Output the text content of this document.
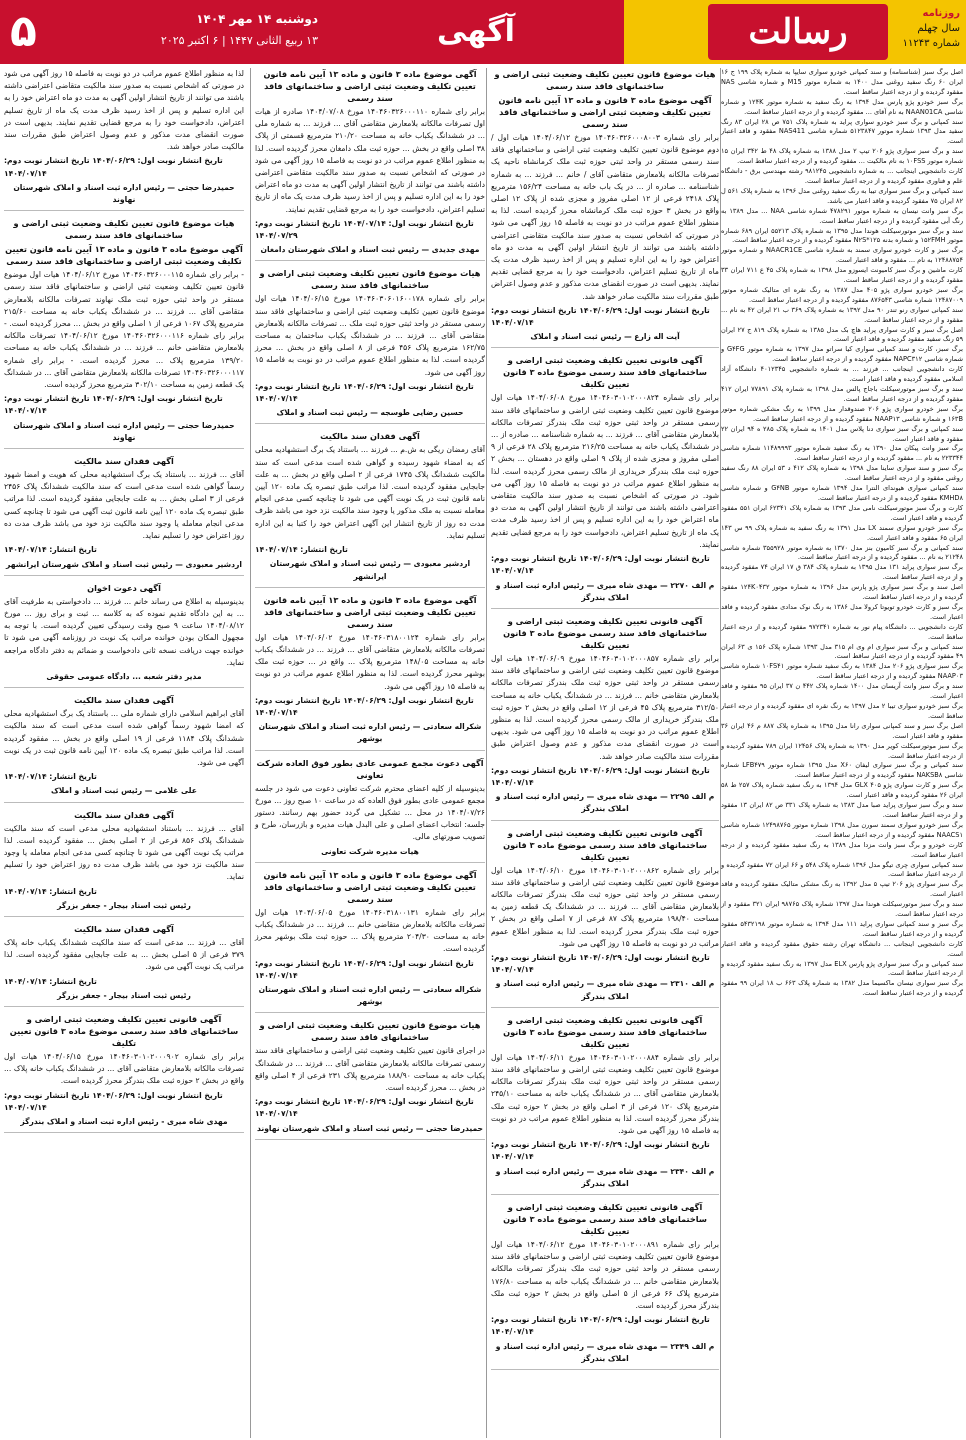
۵	دوشنبه ۱۴ مهر ۱۴۰۴
۱۳ ربیع الثانی ۱۴۴۷ | ۶ اکتبر ۲۰۲۵	آگهی	رسالت	روزنامه
سال چهلم
شماره ۱۱۲۴۳

اصل برگ سبز (شناسنامه) و سند کمپانی خودرو سواری سایپا به شماره پلاک ۱۹۹ ج ۱۶ ایران ۶۰ رنگ سفید روغنی مدل ۱۴۰۰ به شماره موتور M15 و شماره شاسی NAS مفقود گردیده و از درجه اعتبار ساقط است.

برگ سبز خودرو پژو پارس مدل ۱۳۹۴ به رنگ سفید به شماره موتور ۱۲۴K و شماره شاسی NAAN01CA به نام آقای ... مفقود گردیده و از درجه اعتبار ساقط است.

سند کمپانی و برگ سبز خودرو سواری پراید به شماره پلاک ۷۵۱ ص ۲۸ ایران ۸۳ رنگ سفید مدل ۱۳۹۳ شماره موتور ۵۱۲۳۸۴۷ شماره شاسی NAS411 مفقود و فاقد اعتبار است.

سند و برگ سبز سواری پژو ۲۰۶ تیپ ۲ مدل ۱۳۸۸ به شماره پلاک ۴۸ ط ۳۴۲ ایران ۱۵ شماره موتور ۱۰FSS به نام مالکیت ... مفقود گردیده و از درجه اعتبار ساقط است.

کارت دانشجویی اینجانب ... به شماره دانشجویی ۹۸۱۲۴۵ رشته مهندسی برق - دانشگاه علم و فناوری مفقود گردیده و از درجه اعتبار ساقط است.

سند کمپانی و برگ سبز سواری تیبا به رنگ سفید روغنی مدل ۱۳۹۶ به شماره پلاک ۵۶۱ ل ۸۲ ایران ۷۵ مفقود گردیده و فاقد اعتبار می باشد.

برگ سبز وانت نیسان به شماره موتور ۴۷۸۲۹۱ شماره شاسی NAA ... مدل ۱۳۸۹ به رنگ آبی مفقود گردیده و از درجه اعتبار ساقط است.

سند و برگ سبز موتورسیکلت هوندا مدل ۱۳۹۵ به شماره پلاک ۵۵۲۱۳ ایران ۶۸۹ شماره موتور ۱۵۲FMH و شماره بدنه N۲S*۱۲۵ مفقود گردیده و از درجه اعتبار ساقط است.

برگ سبز و کارت خودرو سواری سمند به شماره شاسی NAACR1CE و شماره موتور ۱۲۴۸۸۷۵۴ به نام ... مفقود و فاقد اعتبار است.

کارت ماشین و برگ سبز کامیونت ایسوزو مدل ۱۳۹۸ به شماره پلاک ۴۵ ع ۷۱۱ ایران ۳۳ مفقود گردیده و از درجه اعتبار ساقط است.

برگ سبز خودرو سواری پژو ۴۰۵ مدل ۱۳۸۷ به رنگ نقره ای متالیک شماره موتور ۱۲۴۸۷۰۰۹ شماره شاسی ۸۷۶۵۴۳ مفقود گردیده و از درجه اعتبار ساقط است.

سند کمپانی سواری رنو تندر ۹۰ مدل ۱۳۹۲ به شماره پلاک ۳۶۹ ب ۲۱ ایران ۴۲ به نام ... مفقود و از درجه اعتبار ساقط است.

اصل برگ سبز و کارت سواری پراید هاچ بک مدل ۱۳۸۵ به شماره پلاک ۸۱۹ ج ۲۷ ایران ۵۹ رنگ سفید مفقود گردیده و فاقد اعتبار است.

برگ سبز، کارت و سند کمپانی سواری کیا سراتو مدل ۱۳۹۷ به شماره موتور G۴FG و شماره شاسی NAPC۳۱۲ مفقود گردیده و از درجه اعتبار ساقط است.

کارت دانشجویی اینجانب ... فرزند ... به شماره دانشجویی ۴۰۱۲۳۴۵ دانشگاه آزاد اسلامی مفقود گردیده و فاقد اعتبار است.

سند و برگ سبز موتورسیکلت باجاج پالس مدل ۱۳۹۸ به شماره پلاک ۷۷۸۹۱ ایران ۴۱۲ مفقود گردیده و از درجه اعتبار ساقط است.

برگ سبز خودرو سواری پژو ۲۰۶ صندوقدار مدل ۱۳۹۹ به رنگ مشکی شماره موتور ۱۶۳B و شماره شاسی NAAP۱۳ مفقود گردیده و از درجه اعتبار ساقط است.

سند کمپانی و برگ سبز سواری دنا پلاس مدل ۱۴۰۱ به شماره پلاک ۲۸۵ ه ۹۴ ایران ۲۲ مفقود و فاقد اعتبار است.

برگ سبز وانت پیکان مدل ۱۳۹۰ به رنگ سفید شماره موتور ۱۱۴۸۹۹۹۳ شماره شاسی ۲۲۳۳۴۴ به نام ... مفقود گردیده و از درجه اعتبار ساقط است.

برگ سبز و سند سواری ساینا مدل ۱۳۹۸ به شماره پلاک ۴۱۲ د ۵۳ ایران ۸۸ رنگ سفید روغنی مفقود و از درجه اعتبار ساقط است.

سند کمپانی سواری هیوندای النترا مدل ۱۳۹۴ شماره موتور G۴NB و شماره شاسی KMHD۸ مفقود گردیده و از درجه اعتبار ساقط است.

کارت و برگ سبز موتورسیکلت نامی مدل ۱۳۹۳ به شماره پلاک ۶۲۳۴۱ ایران ۵۵۱ مفقود گردیده و فاقد اعتبار است.

برگ سبز خودرو سواری سمند LX مدل ۱۳۹۱ به رنگ سفید به شماره پلاک ۹۹ س ۱۴۳ ایران ۶۵ مفقود و فاقد اعتبار است.

سند کمپانی و برگ سبز کامیون بنز مدل ۱۳۷۰ به شماره موتور ۳۵۵۹۲۸ شماره شاسی ۲۱۲۴۸ به نام ... مفقود گردیده و از درجه اعتبار ساقط است.

برگ سبز سواری پراید ۱۳۱ مدل ۱۳۹۵ به شماره پلاک ۳۸۴ ق ۱۷ ایران ۷۴ مفقود گردیده و از درجه اعتبار ساقط است.

اصل سند و برگ سبز سواری پژو پارس مدل ۱۳۹۶ به شماره موتور ۱۲۴K۰۴۳۲ مفقود گردیده و از درجه اعتبار ساقط است.

برگ سبز و کارت خودرو تویوتا کرولا مدل ۱۳۸۶ به رنگ نوک مدادی مفقود گردیده و فاقد اعتبار است.

کارت دانشجویی ... دانشگاه پیام نور به شماره ۹۷۲۳۴۱ مفقود گردیده و از درجه اعتبار ساقط است.

سند کمپانی و برگ سبز سواری ام وی ام ۳۱۵ مدل ۱۳۹۳ شماره پلاک ۱۵۶ ی ۶۳ ایران ۴۹ مفقود گردیده و از درجه اعتبار ساقط است.

برگ سبز سواری پژو ۲۰۶ مدل ۱۳۸۴ به رنگ سفید شماره موتور ۱۰FS۴۱ شماره شاسی NAAP۰۳ مفقود گردیده و از درجه اعتبار ساقط است.

سند و برگ سبز وانت آریسان مدل ۱۴۰۰ شماره پلاک ۴۴۲ ن ۳۷ ایران ۹۵ مفقود و فاقد اعتبار است.

برگ سبز خودرو سواری تیبا ۲ مدل ۱۳۹۷ به رنگ نقره ای مفقود گردیده و از درجه اعتبار ساقط است.

اصل برگ سبز و سند کمپانی سواری رانا مدل ۱۳۹۵ به شماره پلاک ۸۸۷ م ۴۶ ایران ۳۶ مفقود و فاقد اعتبار است.

برگ سبز موتورسیکلت کویر مدل ۱۳۹۰ به شماره پلاک ۱۲۴۵۶ ایران ۷۸۹ مفقود گردیده و از درجه اعتبار ساقط است.

سند کمپانی و برگ سبز سواری لیفان X۶۰ مدل ۱۳۹۵ شماره موتور LFB۴۷۹ شماره شاسی NAKSB۸ مفقود گردیده و از درجه اعتبار ساقط است.

برگ سبز و کارت سواری پژو ۴۰۵ GLX مدل ۱۳۹۴ به رنگ سفید شماره پلاک ۲۵۷ ط ۵۸ ایران ۲۶ مفقود گردیده و فاقد اعتبار است.

سند و برگ سبز سواری پراید صبا مدل ۱۳۸۳ به شماره پلاک ۳۳۱ ص ۸۲ ایران ۱۳ مفقود و از درجه اعتبار ساقط است.

برگ سبز خودرو سواری سمند سورن مدل ۱۳۹۸ شماره موتور ۱۲۴۹۸۷۶۵ شماره شاسی NAACS۱ مفقود گردیده و از درجه اعتبار ساقط است.

کارت خودرو و برگ سبز وانت مزدا مدل ۱۳۸۹ به رنگ سفید مفقود گردیده و از درجه اعتبار ساقط است.

سند کمپانی سواری چری تیگو مدل ۱۳۹۶ شماره پلاک ۵۴۸ و ۶۶ ایران ۷۲ مفقود گردیده و از درجه اعتبار ساقط است.

برگ سبز سواری پژو ۲۰۶ تیپ ۵ مدل ۱۳۹۲ به رنگ مشکی متالیک مفقود گردیده و فاقد اعتبار است.

سند و برگ سبز موتورسیکلت هوندا مدل ۱۳۹۷ شماره پلاک ۹۸۷۶۵ ایران ۳۲۱ مفقود و از درجه اعتبار ساقط است.

برگ سبز و سند کمپانی سواری پراید ۱۱۱ مدل ۱۳۹۴ به شماره موتور ۵۴۳۲۱۹۸ مفقود گردیده و از درجه اعتبار ساقط است.

کارت دانشجویی اینجانب ... دانشگاه تهران رشته حقوق مفقود گردیده و فاقد اعتبار است.

سند کمپانی و برگ سبز سواری پژو پارس ELX مدل ۱۳۹۷ به رنگ سفید مفقود گردیده و از درجه اعتبار ساقط است.

برگ سبز سواری نیسان ماکسیما مدل ۱۳۸۲ به شماره پلاک ۶۶۳ ب ۱۸ ایران ۹۹ مفقود گردیده و از درجه اعتبار ساقط است.

هیات موضوع قانون تعیین تکلیف وضعیت ثبتی اراضی و ساختمانهای فاقد سند رسمی
آگهی موضوع ماده ۳ قانون و ماده ۱۳ آیین نامه قانون تعیین تکلیف وضعیت ثبتی اراضی و ساختمانهای فاقد سند رسمی

برابر رای شماره ۱۴۰۴۶۰۳۲۶۰۰۰۸۰۰۳ مورخ ۱۴۰۴/۰۶/۱۲ هیات اول / دوم موضوع قانون تعیین تکلیف وضعیت ثبتی اراضی و ساختمانهای فاقد سند رسمی مستقر در واحد ثبتی حوزه ثبت ملک کرمانشاه ناحیه یک تصرفات مالکانه بلامعارض متقاضی آقای / خانم ... فرزند ... به شماره شناسنامه ... صادره از ... در یک باب خانه به مساحت ۱۵۶/۲۴ مترمربع پلاک ۲۴۱۸ فرعی از ۱۲ اصلی مفروز و مجزی شده از پلاک ۱۲ اصلی واقع در بخش ۳ حوزه ثبت ملک کرمانشاه محرز گردیده است. لذا به منظور اطلاع عموم مراتب در دو نوبت به فاصله ۱۵ روز آگهی می شود در صورتی که اشخاص نسبت به صدور سند مالکیت متقاضی اعتراضی داشته باشند می توانند از تاریخ انتشار اولین آگهی به مدت دو ماه اعتراض خود را به این اداره تسلیم و پس از اخذ رسید ظرف مدت یک ماه از تاریخ تسلیم اعتراض، دادخواست خود را به مرجع قضایی تقدیم نمایند. بدیهی است در صورت انقضای مدت مذکور و عدم وصول اعتراض طبق مقررات سند مالکیت صادر خواهد شد.

تاریخ انتشار نوبت اول: ۱۴۰۴/۰۶/۲۹ تاریخ انتشار نوبت دوم: ۱۴۰۴/۰۷/۱۴

آیت اله زارع — رئیس ثبت اسناد و املاک

آگهی قانونی تعیین تکلیف وضعیت ثبتی اراضی و ساختمانهای فاقد سند رسمی موضوع ماده ۳ قانون تعیین تکلیف

برابر رای شماره ۱۴۰۴۶۰۳۰۱۰۲۰۰۰۸۲۴ مورخ ۱۴۰۴/۰۶/۰۸ هیات اول موضوع قانون تعیین تکلیف وضعیت ثبتی اراضی و ساختمانهای فاقد سند رسمی مستقر در واحد ثبتی حوزه ثبت ملک بندرگز تصرفات مالکانه بلامعارض متقاضی آقای ... فرزند ... به شماره شناسنامه ... صادره از ... در ششدانگ یکباب خانه به مساحت ۲۱۶/۲۵ مترمربع پلاک ۲۸ فرعی از ۹ اصلی مفروز و مجزی شده از پلاک ۹ اصلی واقع در دهستان ... بخش ۲ حوزه ثبت ملک بندرگز خریداری از مالک رسمی محرز گردیده است. لذا به منظور اطلاع عموم مراتب در دو نوبت به فاصله ۱۵ روز آگهی می شود. در صورتی که اشخاص نسبت به صدور سند مالکیت متقاضی اعتراضی داشته باشند می توانند از تاریخ انتشار اولین آگهی به مدت دو ماه اعتراض خود را به این اداره تسلیم و پس از اخذ رسید ظرف مدت یک ماه از تاریخ تسلیم اعتراض، دادخواست خود را به مرجع قضایی تقدیم نمایند.

تاریخ انتشار نوبت اول: ۱۴۰۴/۰۶/۲۹ تاریخ انتشار نوبت دوم: ۱۴۰۴/۰۷/۱۴

م الف ۲۲۷۰ — مهدی شاه میری — رئیس اداره ثبت اسناد و املاک بندرگز

آگهی قانونی تعیین تکلیف وضعیت ثبتی اراضی و ساختمانهای فاقد سند رسمی موضوع ماده ۳ قانون تعیین تکلیف

برابر رای شماره ۱۴۰۴۶۰۳۰۱۰۲۰۰۰۸۵۷ مورخ ۱۴۰۴/۰۶/۰۹ هیات اول موضوع قانون تعیین تکلیف وضعیت ثبتی اراضی و ساختمانهای فاقد سند رسمی مستقر در واحد ثبتی حوزه ثبت ملک بندرگز تصرفات مالکانه بلامعارض متقاضی خانم ... فرزند ... در ششدانگ یکباب خانه به مساحت ۳۱۲/۵۰ مترمربع پلاک ۴۵ فرعی از ۱۲ اصلی واقع در بخش ۲ حوزه ثبت ملک بندرگز خریداری از مالک رسمی محرز گردیده است. لذا به منظور اطلاع عموم مراتب در دو نوبت به فاصله ۱۵ روز آگهی می شود. بدیهی است در صورت انقضای مدت مذکور و عدم وصول اعتراض طبق مقررات سند مالکیت صادر خواهد شد.

تاریخ انتشار نوبت اول: ۱۴۰۴/۰۶/۲۹ تاریخ انتشار نوبت دوم: ۱۴۰۴/۰۷/۱۴

م الف ۲۲۹۵ — مهدی شاه میری — رئیس اداره ثبت اسناد و املاک بندرگز

آگهی قانونی تعیین تکلیف وضعیت ثبتی اراضی و ساختمانهای فاقد سند رسمی موضوع ماده ۳ قانون تعیین تکلیف

برابر رای شماره ۱۴۰۴۶۰۳۰۱۰۲۰۰۰۸۶۲ مورخ ۱۴۰۴/۰۶/۱۰ هیات اول موضوع قانون تعیین تکلیف وضعیت ثبتی اراضی و ساختمانهای فاقد سند رسمی مستقر در واحد ثبتی حوزه ثبت ملک بندرگز تصرفات مالکانه بلامعارض متقاضی آقای ... فرزند ... در ششدانگ یک قطعه زمین به مساحت ۱۹۸/۴۰ مترمربع پلاک ۸۷ فرعی از ۷ اصلی واقع در بخش ۲ حوزه ثبت ملک بندرگز محرز گردیده است. لذا به منظور اطلاع عموم مراتب در دو نوبت به فاصله ۱۵ روز آگهی می شود.

تاریخ انتشار نوبت اول: ۱۴۰۴/۰۶/۲۹ تاریخ انتشار نوبت دوم: ۱۴۰۴/۰۷/۱۴

م الف ۲۳۱۰ — مهدی شاه میری — رئیس اداره ثبت اسناد و املاک بندرگز

آگهی قانونی تعیین تکلیف وضعیت ثبتی اراضی و ساختمانهای فاقد سند رسمی موضوع ماده ۳ قانون تعیین تکلیف

برابر رای شماره ۱۴۰۴۶۰۳۰۱۰۲۰۰۰۸۸۴ مورخ ۱۴۰۴/۰۶/۱۱ هیات اول موضوع قانون تعیین تکلیف وضعیت ثبتی اراضی و ساختمانهای فاقد سند رسمی مستقر در واحد ثبتی حوزه ثبت ملک بندرگز تصرفات مالکانه بلامعارض متقاضی آقای ... در ششدانگ یکباب خانه به مساحت ۲۴۵/۱۰ مترمربع پلاک ۱۲۰ فرعی از ۳ اصلی واقع در بخش ۲ حوزه ثبت ملک بندرگز محرز گردیده است. لذا به منظور اطلاع عموم مراتب در دو نوبت به فاصله ۱۵ روز آگهی می شود.

تاریخ انتشار نوبت اول: ۱۴۰۴/۰۶/۲۹ تاریخ انتشار نوبت دوم: ۱۴۰۴/۰۷/۱۴

م الف ۲۳۴۰ — مهدی شاه میری — رئیس اداره ثبت اسناد و املاک بندرگز

آگهی قانونی تعیین تکلیف وضعیت ثبتی اراضی و ساختمانهای فاقد سند رسمی موضوع ماده ۳ قانون تعیین تکلیف

برابر رای شماره ۱۴۰۴۶۰۳۰۱۰۲۰۰۰۸۹۱ مورخ ۱۴۰۴/۰۶/۱۲ هیات اول موضوع قانون تعیین تکلیف وضعیت ثبتی اراضی و ساختمانهای فاقد سند رسمی مستقر در واحد ثبتی حوزه ثبت ملک بندرگز تصرفات مالکانه بلامعارض متقاضی خانم ... در ششدانگ یکباب خانه به مساحت ۱۷۶/۸۰ مترمربع پلاک ۶۶ فرعی از ۵ اصلی واقع در بخش ۲ حوزه ثبت ملک بندرگز محرز گردیده است.

تاریخ انتشار نوبت اول: ۱۴۰۴/۰۶/۲۹ تاریخ انتشار نوبت دوم: ۱۴۰۴/۰۷/۱۴

م الف ۲۳۴۹ — مهدی شاه میری — رئیس اداره ثبت اسناد و املاک بندرگز

آگهی موضوع ماده ۳ قانون و ماده ۱۳ آیین نامه قانون تعیین تکلیف وضعیت ثبتی اراضی و ساختمانهای فاقد سند رسمی

برابر رای شماره ۱۴۰۴۶۰۳۲۶۰۰۰۱۱۰ مورخ ۱۴۰۴/۰۷/۰۸ صادره از هیات اول تصرفات مالکانه بلامعارض متقاضی آقای ... فرزند ... به شماره ملی ... در ششدانگ یکباب خانه به مساحت ۲۱۰/۲۰ مترمربع قسمتی از پلاک ۳۸ اصلی واقع در بخش ... حوزه ثبت ملک دامغان محرز گردیده است. لذا به منظور اطلاع عموم مراتب در دو نوبت به فاصله ۱۵ روز آگهی می شود در صورتی که اشخاص نسبت به صدور سند مالکیت متقاضی اعتراضی داشته باشند می توانند از تاریخ انتشار اولین آگهی به مدت دو ماه اعتراض خود را به این اداره تسلیم و پس از اخذ رسید ظرف مدت یک ماه از تاریخ تسلیم اعتراض، دادخواست خود را به مرجع قضایی تقدیم نمایند.

تاریخ انتشار نوبت اول: ۱۴۰۴/۰۷/۱۴ تاریخ انتشار نوبت دوم: ۱۴۰۴/۰۷/۲۹

مهدی جدیدی — رئیس ثبت اسناد و املاک شهرستان دامغان

هیات موضوع قانون تعیین تکلیف وضعیت ثبتی اراضی و ساختمانهای فاقد سند رسمی

برابر رای شماره ۱۴۰۴۶۰۳۰۶۰۱۶۰۰۱۷۸ مورخ ۱۴۰۴/۰۶/۱۵ هیات اول موضوع قانون تعیین تکلیف وضعیت ثبتی اراضی و ساختمانهای فاقد سند رسمی مستقر در واحد ثبتی حوزه ثبت ملک ... تصرفات مالکانه بلامعارض متقاضی آقای ... فرزند ... در ششدانگ یکباب ساختمان به مساحت ۱۶۲/۷۵ مترمربع پلاک ۴۵۶ فرعی از ۸ اصلی واقع در بخش ... محرز گردیده است. لذا به منظور اطلاع عموم مراتب در دو نوبت به فاصله ۱۵ روز آگهی می شود.

تاریخ انتشار نوبت اول: ۱۴۰۴/۰۶/۲۹ تاریخ انتشار نوبت دوم: ۱۴۰۴/۰۷/۱۴

حسین رضایی طوسجه — رئیس ثبت اسناد و املاک

آگهی فقدان سند مالکیت

آقای رمضان ریگی به ش.م ... فرزند ... باستناد یک برگ استشهادیه محلی که به امضاء شهود رسیده و گواهی شده است مدعی است که سند مالکیت ششدانگ پلاک ۱۷۴۵ فرعی از ۲ اصلی واقع در بخش ... به علت جابجایی مفقود گردیده است. لذا مراتب طبق تبصره یک ماده ۱۲۰ آیین نامه قانون ثبت در یک نوبت آگهی می شود تا چنانچه کسی مدعی انجام معامله نسبت به ملک مذکور یا وجود سند مالکیت نزد خود می باشد ظرف مدت ده روز از تاریخ انتشار این آگهی اعتراض خود را کتبا به این اداره تسلیم نماید.

تاریخ انتشار: ۱۴۰۴/۰۷/۱۴

اردشیر معبودی — رئیس ثبت اسناد و املاک شهرستان ایرانشهر

آگهی موضوع ماده ۳ قانون و ماده ۱۳ آیین نامه قانون تعیین تکلیف وضعیت ثبتی اراضی و ساختمانهای فاقد سند رسمی

برابر رای شماره ۱۴۰۴۶۰۳۱۸۰۰۱۲۴ مورخ ۱۴۰۴/۰۶/۰۲ هیات اول تصرفات مالکانه بلامعارض متقاضی آقای ... فرزند ... در ششدانگ یکباب خانه به مساحت ۱۴۸/۰۵ مترمربع پلاک ... واقع در ... حوزه ثبت ملک بوشهر محرز گردیده است. لذا به منظور اطلاع عموم مراتب در دو نوبت به فاصله ۱۵ روز آگهی می شود.

تاریخ انتشار نوبت اول: ۱۴۰۴/۰۶/۲۹ تاریخ انتشار نوبت دوم: ۱۴۰۴/۰۷/۱۴

شکراله سعادتی — رئیس اداره ثبت اسناد و املاک شهرستان بوشهر

آگهی دعوت مجمع عمومی عادی بطور فوق العاده شرکت تعاونی

بدینوسیله از کلیه اعضای محترم شرکت تعاونی دعوت می شود در جلسه مجمع عمومی عادی بطور فوق العاده که در ساعت ۱۰ صبح روز ... مورخ ۱۴۰۴/۰۷/۲۶ در محل ... تشکیل می گردد حضور بهم رسانند. دستور جلسه: انتخاب اعضای اصلی و علی البدل هیات مدیره و بازرسان، طرح و تصویب صورتهای مالی.

هیات مدیره شرکت تعاونی

آگهی موضوع ماده ۳ قانون و ماده ۱۳ آیین نامه قانون تعیین تکلیف وضعیت ثبتی اراضی و ساختمانهای فاقد سند رسمی

برابر رای شماره ۱۴۰۴۶۰۳۱۸۰۰۱۳۱ مورخ ۱۴۰۴/۰۶/۰۵ هیات اول تصرفات مالکانه بلامعارض متقاضی خانم ... فرزند ... در ششدانگ یکباب خانه به مساحت ۲۰۴/۳۰ مترمربع پلاک ... حوزه ثبت ملک بوشهر محرز گردیده است.

تاریخ انتشار نوبت اول: ۱۴۰۴/۰۶/۲۹ تاریخ انتشار نوبت دوم: ۱۴۰۴/۰۷/۱۴

شکراله سعادتی — رئیس اداره ثبت اسناد و املاک شهرستان بوشهر

هیات موضوع قانون تعیین تکلیف وضعیت ثبتی اراضی و ساختمانهای فاقد سند رسمی

در اجرای قانون تعیین تکلیف وضعیت ثبتی اراضی و ساختمانهای فاقد سند رسمی تصرفات مالکانه بلامعارض متقاضی آقای ... فرزند ... در ششدانگ یکباب خانه به مساحت ۱۸۸/۹۰ مترمربع پلاک ۲۳۱ فرعی از ۴ اصلی واقع در بخش ... محرز گردیده است.

تاریخ انتشار نوبت اول: ۱۴۰۴/۰۶/۲۹ تاریخ انتشار نوبت دوم: ۱۴۰۴/۰۷/۱۴

حمیدرضا حجتی — رئیس ثبت اسناد و املاک شهرستان نهاوند

لذا به منظور اطلاع عموم مراتب در دو نوبت به فاصله ۱۵ روز آگهی می شود در صورتی که اشخاص نسبت به صدور سند مالکیت متقاضی اعتراضی داشته باشند می توانند از تاریخ انتشار اولین آگهی به مدت دو ماه اعتراض خود را به این اداره تسلیم و پس از اخذ رسید ظرف مدت یک ماه از تاریخ تسلیم اعتراض، دادخواست خود را به مرجع قضایی تقدیم نمایند. بدیهی است در صورت انقضای مدت مذکور و عدم وصول اعتراض طبق مقررات سند مالکیت صادر خواهد شد.

تاریخ انتشار نوبت اول: ۱۴۰۴/۰۶/۲۹ تاریخ انتشار نوبت دوم: ۱۴۰۴/۰۷/۱۴

حمیدرضا حجتی — رئیس اداره ثبت اسناد و املاک شهرستان نهاوند

هیات موضوع قانون تعیین تکلیف وضعیت ثبتی اراضی و ساختمانهای فاقد سند رسمی
آگهی موضوع ماده ۳ قانون و ماده ۱۳ آیین نامه قانون تعیین تکلیف وضعیت ثبتی اراضی و ساختمانهای فاقد سند رسمی

- برابر رای شماره ۱۴۰۴۶۰۳۲۶۰۰۰۱۱۵ مورخ ۱۴۰۴/۰۶/۱۲ هیات اول موضوع قانون تعیین تکلیف وضعیت ثبتی اراضی و ساختمانهای فاقد سند رسمی مستقر در واحد ثبتی حوزه ثبت ملک نهاوند تصرفات مالکانه بلامعارض متقاضی آقای ... فرزند ... در ششدانگ یکباب خانه به مساحت ۲۱۵/۶۰ مترمربع پلاک ۱۰۶۷ فرعی از ۱ اصلی واقع در بخش ... محرز گردیده است. - برابر رای شماره ۱۴۰۴۶۰۳۲۶۰۰۰۱۱۶ مورخ ۱۴۰۴/۰۶/۱۲ تصرفات مالکانه بلامعارض متقاضی خانم ... فرزند ... در ششدانگ یکباب خانه به مساحت ۱۳۹/۲۰ مترمربع پلاک ... محرز گردیده است. - برابر رای شماره ۱۴۰۴۶۰۳۲۶۰۰۰۱۱۷ تصرفات مالکانه بلامعارض متقاضی آقای ... در ششدانگ یک قطعه زمین به مساحت ۳۰۲/۱۰ مترمربع محرز گردیده است.

تاریخ انتشار نوبت اول: ۱۴۰۴/۰۶/۲۹ تاریخ انتشار نوبت دوم: ۱۴۰۴/۰۷/۱۴

حمیدرضا حجتی — رئیس اداره ثبت اسناد و املاک شهرستان نهاوند

آگهی فقدان سند مالکیت

آقای ... فرزند ... باستناد یک برگ استشهادیه محلی که هویت و امضا شهود رسماً گواهی شده است مدعی است که سند مالکیت ششدانگ پلاک ۲۴۵۶ فرعی از ۳ اصلی بخش ... به علت جابجایی مفقود گردیده است. لذا مراتب طبق تبصره یک ماده ۱۲۰ آیین نامه قانون ثبت آگهی می شود تا چنانچه کسی مدعی انجام معامله یا وجود سند مالکیت نزد خود می باشد ظرف مدت ده روز اعتراض خود را تسلیم نماید.

تاریخ انتشار: ۱۴۰۴/۰۷/۱۴

اردشیر معبودی — رئیس ثبت اسناد و املاک شهرستان ایرانشهر

آگهی دعوت اخوان

بدینوسیله به اطلاع می رساند خانم ... فرزند ... دادخواستی به طرفیت آقای ... به این دادگاه تقدیم نموده که به کلاسه ... ثبت و برای روز ... مورخ ۱۴۰۴/۰۸/۱۲ ساعت ۹ صبح وقت رسیدگی تعیین گردیده است. با توجه به مجهول المکان بودن خوانده مراتب یک نوبت در روزنامه آگهی می شود تا خوانده جهت دریافت نسخه ثانی دادخواست و ضمائم به دفتر دادگاه مراجعه نماید.

مدیر دفتر شعبه ... دادگاه عمومی حقوقی

آگهی فقدان سند مالکیت

آقای ابراهیم اسلامی دارای شماره ملی ... باستناد یک برگ استشهادیه محلی که امضا شهود رسماً گواهی شده است مدعی است که سند مالکیت ششدانگ پلاک ۱۱۸۴ فرعی از ۱۹ اصلی واقع در بخش ... مفقود گردیده است. لذا مراتب طبق تبصره یک ماده ۱۲۰ آیین نامه قانون ثبت در یک نوبت آگهی می شود.

تاریخ انتشار: ۱۴۰۴/۰۷/۱۴

علی غلامی — رئیس ثبت اسناد و املاک

آگهی فقدان سند مالکیت

آقای ... فرزند ... باستناد استشهادیه محلی مدعی است که سند مالکیت ششدانگ پلاک ۸۵۶ فرعی از ۲ اصلی بخش ... مفقود گردیده است. لذا مراتب یک نوبت آگهی می شود تا چنانچه کسی مدعی انجام معامله یا وجود سند مالکیت نزد خود می باشد ظرف مدت ده روز اعتراض خود را تسلیم نماید.

تاریخ انتشار: ۱۴۰۴/۰۷/۱۴

رئیس ثبت اسناد بیجار - جعفر بزرگر

آگهی فقدان سند مالکیت

آقای ... فرزند ... مدعی است که سند مالکیت ششدانگ یکباب خانه پلاک ۳۷۹ فرعی از ۵ اصلی بخش ... به علت جابجایی مفقود گردیده است. لذا مراتب یک نوبت آگهی می شود.

تاریخ انتشار: ۱۴۰۴/۰۷/۱۴

رئیس ثبت اسناد بیجار - جعفر بزرگر

آگهی قانونی تعیین تکلیف وضعیت ثبتی اراضی و ساختمانهای فاقد سند رسمی موضوع ماده ۳ قانون تعیین تکلیف

برابر رای شماره ۱۴۰۴۶۰۳۰۱۰۲۰۰۰۹۰۲ مورخ ۱۴۰۴/۰۶/۱۵ هیات اول تصرفات مالکانه بلامعارض متقاضی آقای ... در ششدانگ یکباب خانه پلاک ... واقع در بخش ۲ حوزه ثبت ملک بندرگز محرز گردیده است.

تاریخ انتشار نوبت اول: ۱۴۰۴/۰۶/۲۹ تاریخ انتشار نوبت دوم: ۱۴۰۴/۰۷/۱۴

مهدی شاه میری - رئیس اداره ثبت اسناد و املاک بندرگز
